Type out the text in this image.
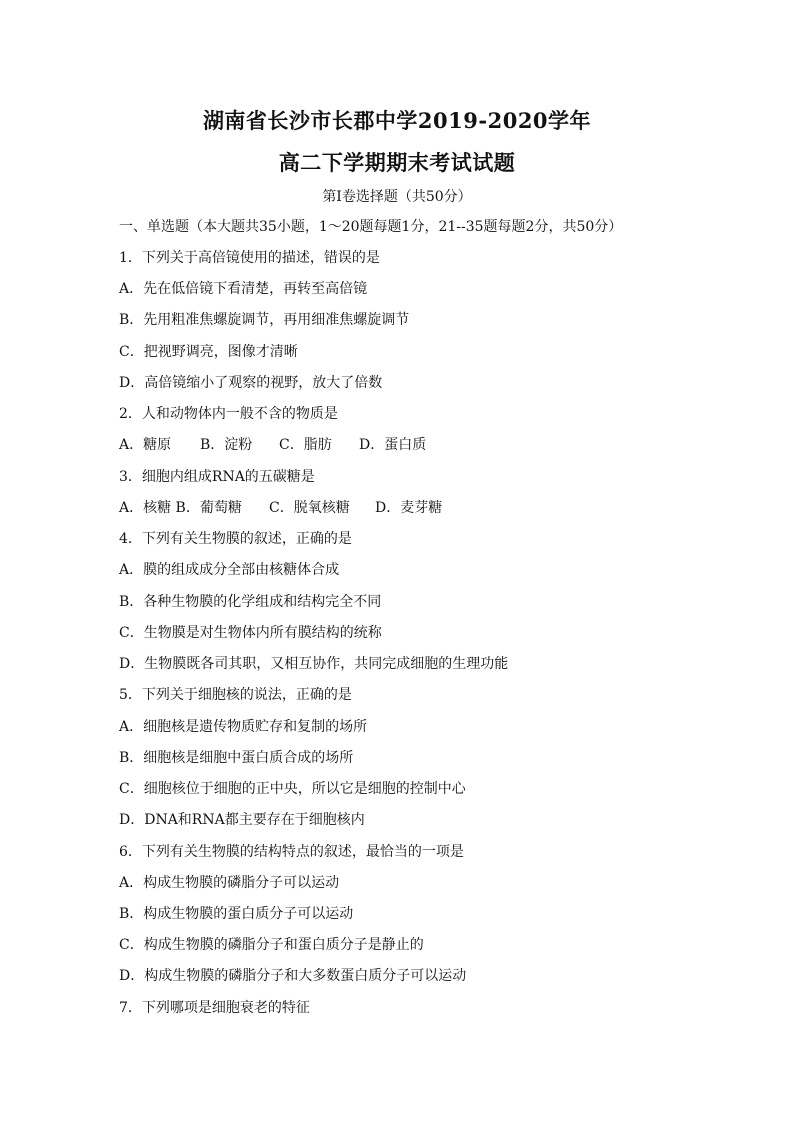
湖南省长沙市长郡中学2019-2020学年
高二下学期期末考试试题
第Ⅰ卷选择题（共50分）
一、单选题（本大题共35小题，1～20题每题1分，21--35题每题2分，共50分）
1．下列关于高倍镜使用的描述，错误的是
A．先在低倍镜下看清楚，再转至高倍镜
B．先用粗准焦螺旋调节，再用细准焦螺旋调节
C．把视野调亮，图像才清晰
D．高倍镜缩小了观察的视野，放大了倍数
2．人和动物体内一般不含的物质是
A．糖原 B．淀粉 C．脂肪 D．蛋白质
3．细胞内组成RNA的五碳糖是
A．核糖 B．葡萄糖 C．脱氧核糖 D．麦芽糖
4．下列有关生物膜的叙述，正确的是
A．膜的组成成分全部由核糖体合成
B．各种生物膜的化学组成和结构完全不同
C．生物膜是对生物体内所有膜结构的统称
D．生物膜既各司其职，又相互协作，共同完成细胞的生理功能
5．下列关于细胞核的说法，正确的是
A．细胞核是遗传物质贮存和复制的场所
B．细胞核是细胞中蛋白质合成的场所
C．细胞核位于细胞的正中央，所以它是细胞的控制中心
D．DNA和RNA都主要存在于细胞核内
6．下列有关生物膜的结构特点的叙述，最恰当的一项是
A．构成生物膜的磷脂分子可以运动
B．构成生物膜的蛋白质分子可以运动
C．构成生物膜的磷脂分子和蛋白质分子是静止的
D．构成生物膜的磷脂分子和大多数蛋白质分子可以运动
7．下列哪项是细胞衰老的特征
